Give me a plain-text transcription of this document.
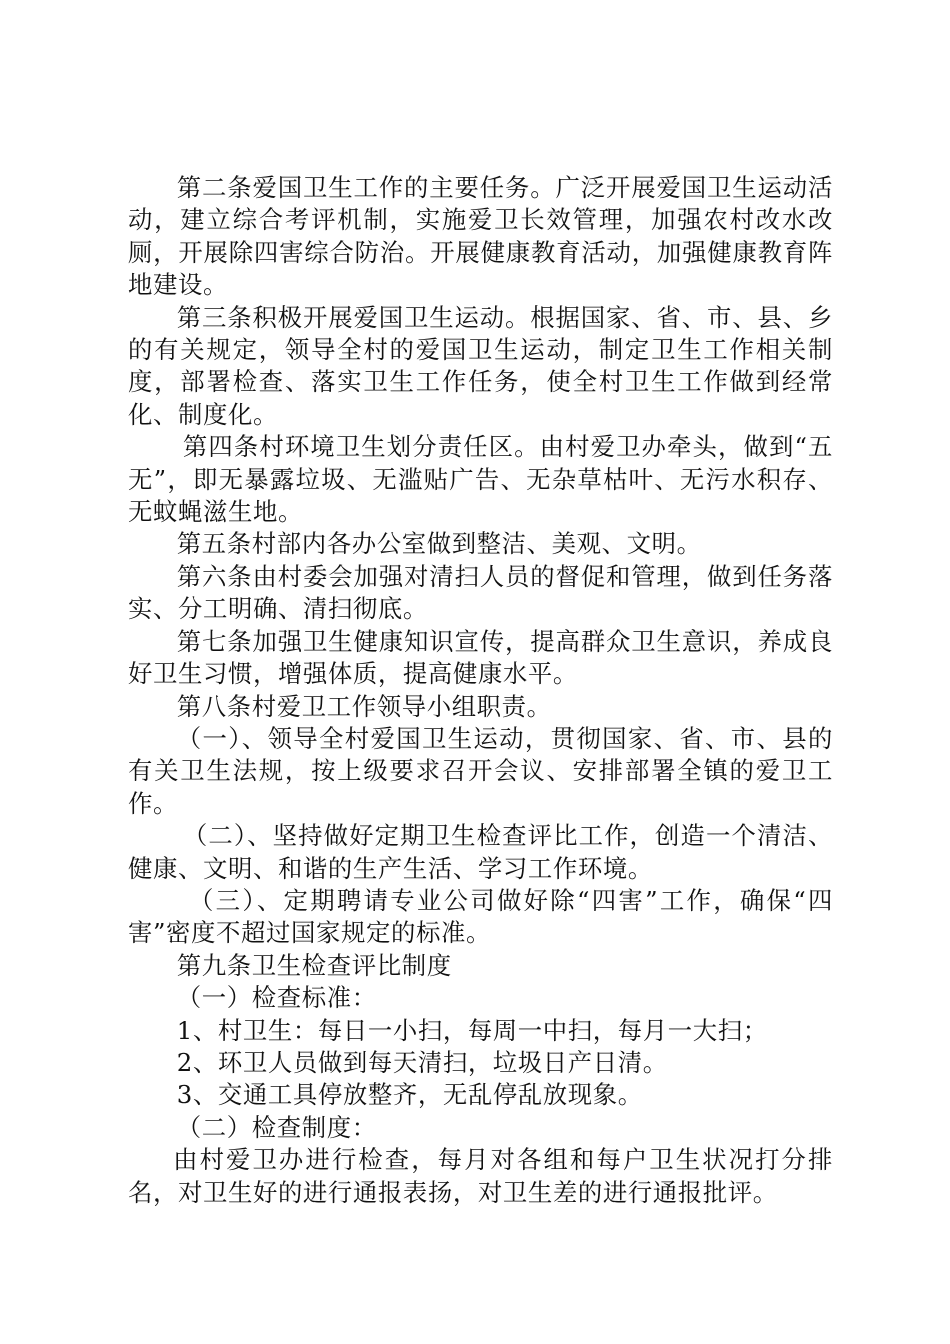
第二条爱国卫生工作的主要任务。广泛开展爱国卫生运动活动，建立综合考评机制，实施爱卫长效管理，加强农村改水改厕，开展除四害综合防治。开展健康教育活动，加强健康教育阵地建设。

第三条积极开展爱国卫生运动。根据国家、省、市、县、乡的有关规定，领导全村的爱国卫生运动，制定卫生工作相关制度，部署检查、落实卫生工作任务，使全村卫生工作做到经常化、制度化。

第四条村环境卫生划分责任区。由村爱卫办牵头，做到“五无”，即无暴露垃圾、无滥贴广告、无杂草枯叶、无污水积存、无蚊蝇滋生地。

第五条村部内各办公室做到整洁、美观、文明。

第六条由村委会加强对清扫人员的督促和管理，做到任务落实、分工明确、清扫彻底。

第七条加强卫生健康知识宣传，提高群众卫生意识，养成良好卫生习惯，增强体质，提高健康水平。

第八条村爱卫工作领导小组职责。

（一）、领导全村爱国卫生运动，贯彻国家、省、市、县的有关卫生法规，按上级要求召开会议、安排部署全镇的爱卫工作。

（二）、坚持做好定期卫生检查评比工作，创造一个清洁、健康、文明、和谐的生产生活、学习工作环境。

（三）、定期聘请专业公司做好除“四害”工作，确保“四害”密度不超过国家规定的标准。

第九条卫生检查评比制度

（一）检查标准：

1、村卫生：每日一小扫，每周一中扫，每月一大扫；

2、环卫人员做到每天清扫，垃圾日产日清。

3、交通工具停放整齐，无乱停乱放现象。

（二）检查制度：

由村爱卫办进行检查，每月对各组和每户卫生状况打分排名，对卫生好的进行通报表扬，对卫生差的进行通报批评。
